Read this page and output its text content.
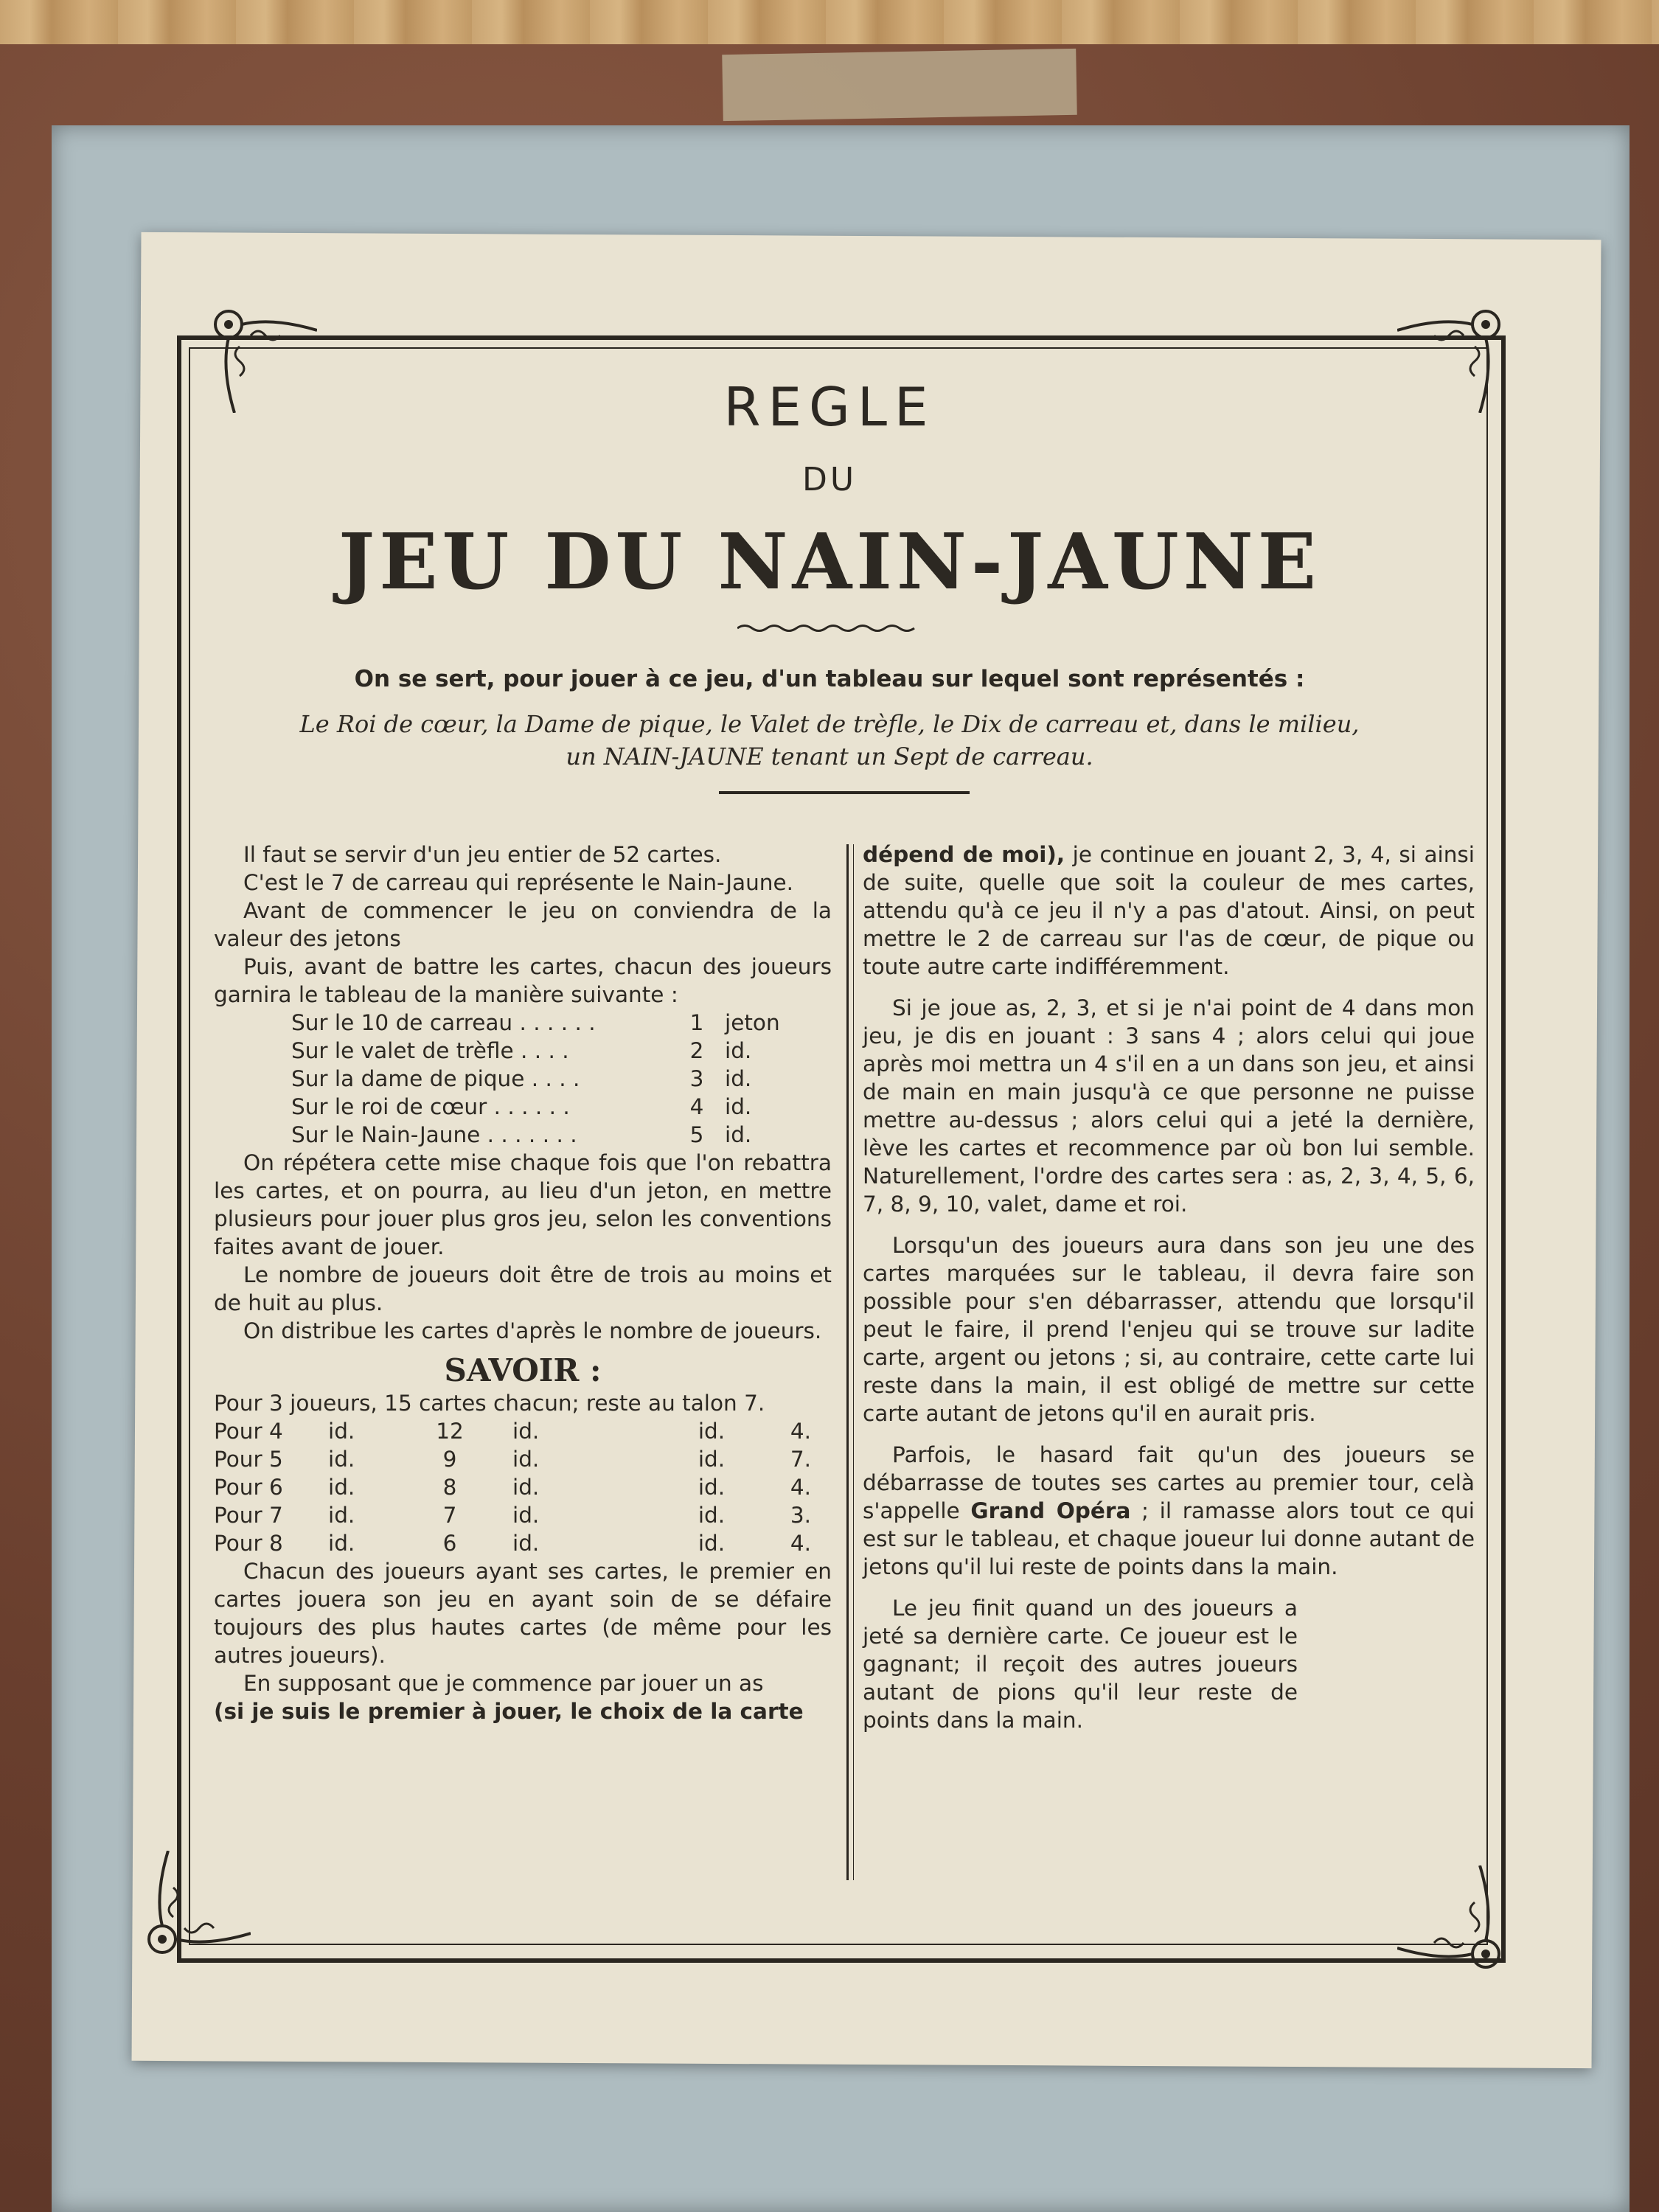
REGLE
DU
JEU DU NAIN-JAUNE
On se sert, pour jouer à ce jeu, d'un tableau sur lequel sont représentés :
Le Roi de cœur, la Dame de pique, le Valet de trèfle, le Dix de carreau et, dans le milieu,
un NAIN-JAUNE tenant un Sept de carreau.

Il faut se servir d'un jeu entier de 52 cartes.

C'est le 7 de carreau qui représente le Nain-Jaune.

Avant de commencer le jeu on conviendra de la valeur des jetons

Puis, avant de battre les cartes, chacun des joueurs garnira le tableau de la manière suivante :

Sur le 10 de carreau . . . . . .	1 jeton
Sur le valet de trèfle . . . .	2 id.
Sur la dame de pique . . . .	3 id.
Sur le roi de cœur . . . . . .	4 id.
Sur le Nain-Jaune . . . . . . .	5 id.

On répétera cette mise chaque fois que l'on rebattra les cartes, et on pourra, au lieu d'un jeton, en mettre plusieurs pour jouer plus gros jeu, selon les conventions faites avant de jouer.

Le nombre de joueurs doit être de trois au moins et de huit au plus.

On distribue les cartes d'après le nombre de joueurs.

SAVOIR :
Pour 3 joueurs, 15 cartes chacun; reste au talon 7.
Pour 4	id.	12	id.	id.	4.
Pour 5	id.	9	id.	id.	7.
Pour 6	id.	8	id.	id.	4.
Pour 7	id.	7	id.	id.	3.
Pour 8	id.	6	id.	id.	4.

Chacun des joueurs ayant ses cartes, le premier en cartes jouera son jeu en ayant soin de se défaire toujours des plus hautes cartes (de même pour les autres joueurs).

En supposant que je commence par jouer un as

(si je suis le premier à jouer, le choix de la carte
dépend de moi), je continue en jouant 2, 3, 4, si ainsi de suite, quelle que soit la couleur de mes cartes, attendu qu'à ce jeu il n'y a pas d'atout. Ainsi, on peut mettre le 2 de carreau sur l'as de cœur, de pique ou toute autre carte indifféremment.

Si je joue as, 2, 3, et si je n'ai point de 4 dans mon jeu, je dis en jouant : 3 sans 4 ; alors celui qui joue après moi mettra un 4 s'il en a un dans son jeu, et ainsi de main en main jusqu'à ce que personne ne puisse mettre au-dessus ; alors celui qui a jeté la dernière, lève les cartes et recommence par où bon lui semble. Naturellement, l'ordre des cartes sera : as, 2, 3, 4, 5, 6, 7, 8, 9, 10, valet, dame et roi.

Lorsqu'un des joueurs aura dans son jeu une des cartes marquées sur le tableau, il devra faire son possible pour s'en débarrasser, attendu que lorsqu'il peut le faire, il prend l'enjeu qui se trouve sur ladite carte, argent ou jetons ; si, au contraire, cette carte lui reste dans la main, il est obligé de mettre sur cette carte autant de jetons qu'il en aurait pris.

Parfois, le hasard fait qu'un des joueurs se débarrasse de toutes ses cartes au premier tour, celà s'appelle Grand Opéra ; il ramasse alors tout ce qui est sur le tableau, et chaque joueur lui donne autant de jetons qu'il lui reste de points dans la main.

Le jeu finit quand un des joueurs a jeté sa dernière carte. Ce joueur est le gagnant; il reçoit des autres joueurs autant de pions qu'il leur reste de points dans la main.
